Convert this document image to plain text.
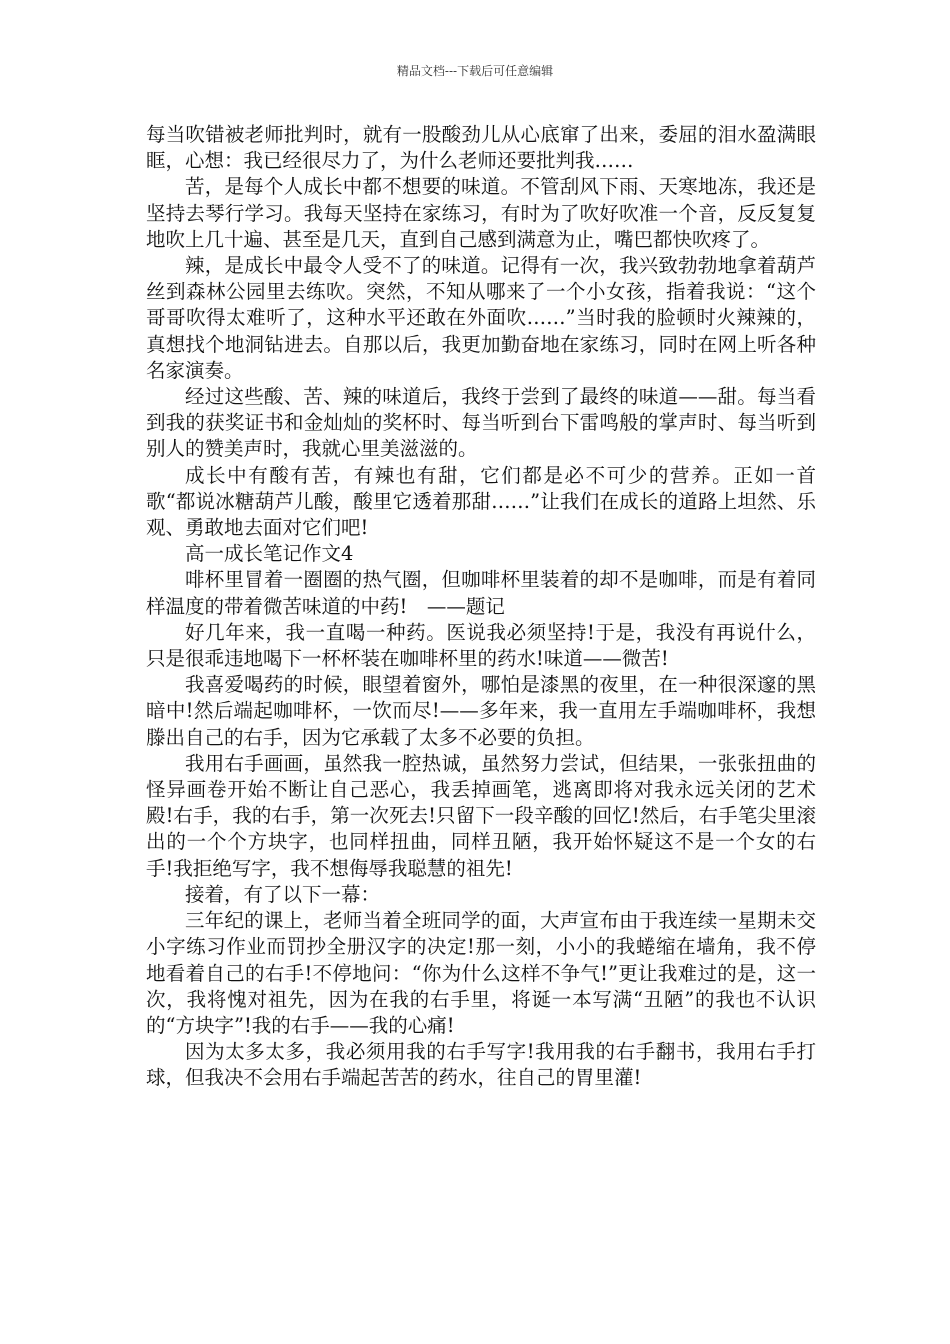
精品文档---下载后可任意编辑

每当吹错被老师批判时，就有一股酸劲儿从心底窜了出来，委屈的泪水盈满眼眶，心想：我已经很尽力了，为什么老师还要批判我……

苦，是每个人成长中都不想要的味道。不管刮风下雨、天寒地冻，我还是坚持去琴行学习。我每天坚持在家练习，有时为了吹好吹准一个音，反反复复地吹上几十遍、甚至是几天，直到自己感到满意为止，嘴巴都快吹疼了。

辣，是成长中最令人受不了的味道。记得有一次，我兴致勃勃地拿着葫芦丝到森林公园里去练吹。突然，不知从哪来了一个小女孩，指着我说：“这个哥哥吹得太难听了，这种水平还敢在外面吹……”当时我的脸顿时火辣辣的，真想找个地洞钻进去。自那以后，我更加勤奋地在家练习，同时在网上听各种名家演奏。

经过这些酸、苦、辣的味道后，我终于尝到了最终的味道——甜。每当看到我的获奖证书和金灿灿的奖杯时、每当听到台下雷鸣般的掌声时、每当听到别人的赞美声时，我就心里美滋滋的。

成长中有酸有苦，有辣也有甜，它们都是必不可少的营养。正如一首歌“都说冰糖葫芦儿酸，酸里它透着那甜……”让我们在成长的道路上坦然、乐观、勇敢地去面对它们吧!

高一成长笔记作文4

啡杯里冒着一圈圈的热气圈，但咖啡杯里装着的却不是咖啡，而是有着同样温度的带着微苦味道的中药!　——题记

好几年来，我一直喝一种药。医说我必须坚持!于是，我没有再说什么，只是很乖违地喝下一杯杯装在咖啡杯里的药水!味道——微苦!

我喜爱喝药的时候，眼望着窗外，哪怕是漆黑的夜里，在一种很深邃的黑暗中!然后端起咖啡杯，一饮而尽!——多年来，我一直用左手端咖啡杯，我想滕出自己的右手，因为它承载了太多不必要的负担。

我用右手画画，虽然我一腔热诚，虽然努力尝试，但结果，一张张扭曲的怪异画卷开始不断让自己恶心，我丢掉画笔，逃离即将对我永远关闭的艺术殿!右手，我的右手，第一次死去!只留下一段辛酸的回忆!然后，右手笔尖里滚出的一个个方块字，也同样扭曲，同样丑陋，我开始怀疑这不是一个女的右手!我拒绝写字，我不想侮辱我聪慧的祖先!

接着，有了以下一幕：

三年纪的课上，老师当着全班同学的面，大声宣布由于我连续一星期未交小字练习作业而罚抄全册汉字的决定!那一刻，小小的我蜷缩在墙角，我不停地看着自己的右手!不停地问：“你为什么这样不争气!”更让我难过的是，这一次，我将愧对祖先，因为在我的右手里，将诞一本写满“丑陋”的我也不认识的“方块字”!我的右手——我的心痛!

因为太多太多，我必须用我的右手写字!我用我的右手翻书，我用右手打球，但我决不会用右手端起苦苦的药水，往自己的胃里灌!
